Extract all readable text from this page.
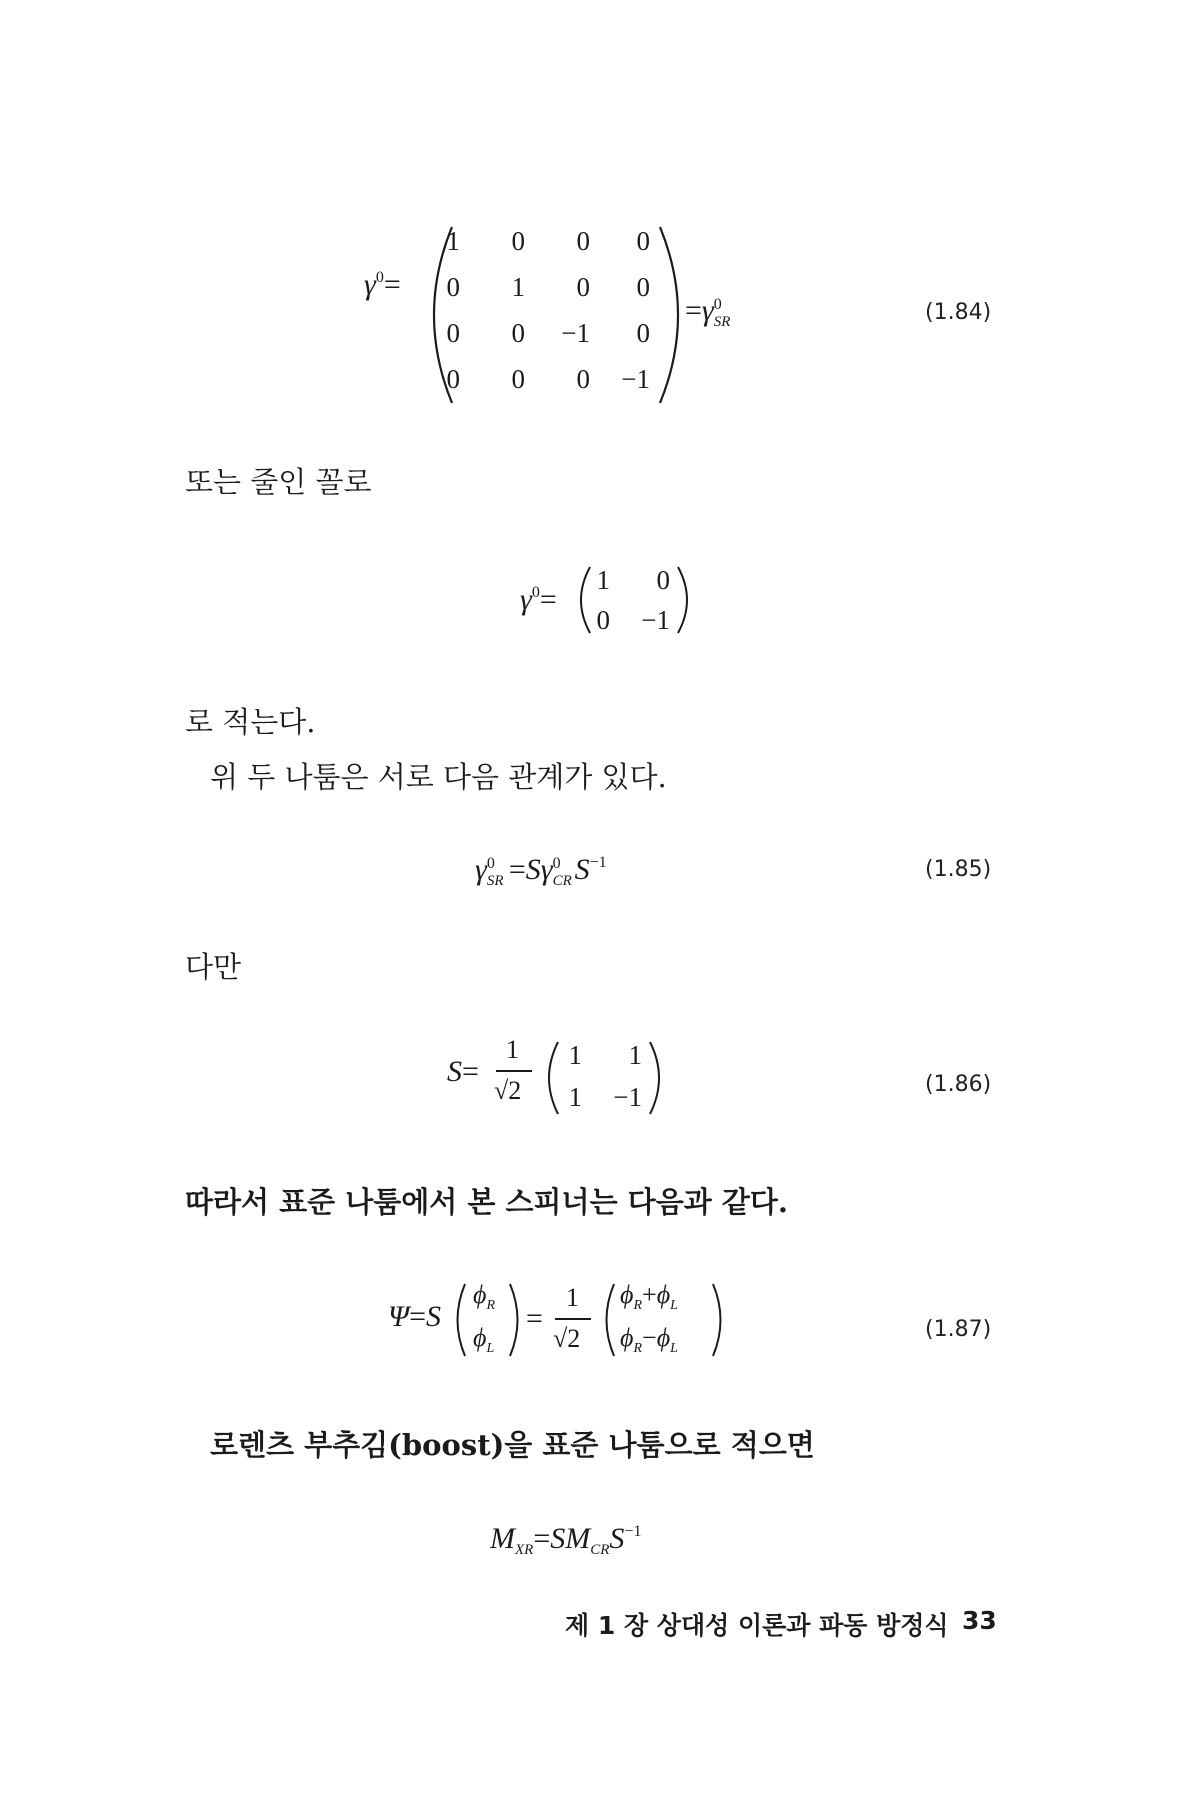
$\gamma^0=$
1	0	0	0
0	1	0	0
0	0	−1	0
0	0	0	−1
=γ 0
SR	(1.84)
또는 줄인 꼴로
$\gamma^0=$
1	0
0	−1
로 적는다.
위 두 나툼은 서로 다음 관계가 있다.
γ 0
SR =Sγ 0
CR $S^{-1}$	(1.85)
다만
S=
1
√2
1	1
1	−1	(1.86)
따라서 표준 나툼에서 본 스피너는 다음과 같다.
Ψ=S
$\phi_R$
$\phi_L$
=
1
√2
$\phi_R+\phi_L$
$\phi_R-\phi_L$
(1.87)
로렌츠 부추김(boost)을 표준 나툼으로 적으면
$M_{XR}=SM_{CR}S^{-1}$
제 1 장 상대성 이론과 파동 방정식 33
